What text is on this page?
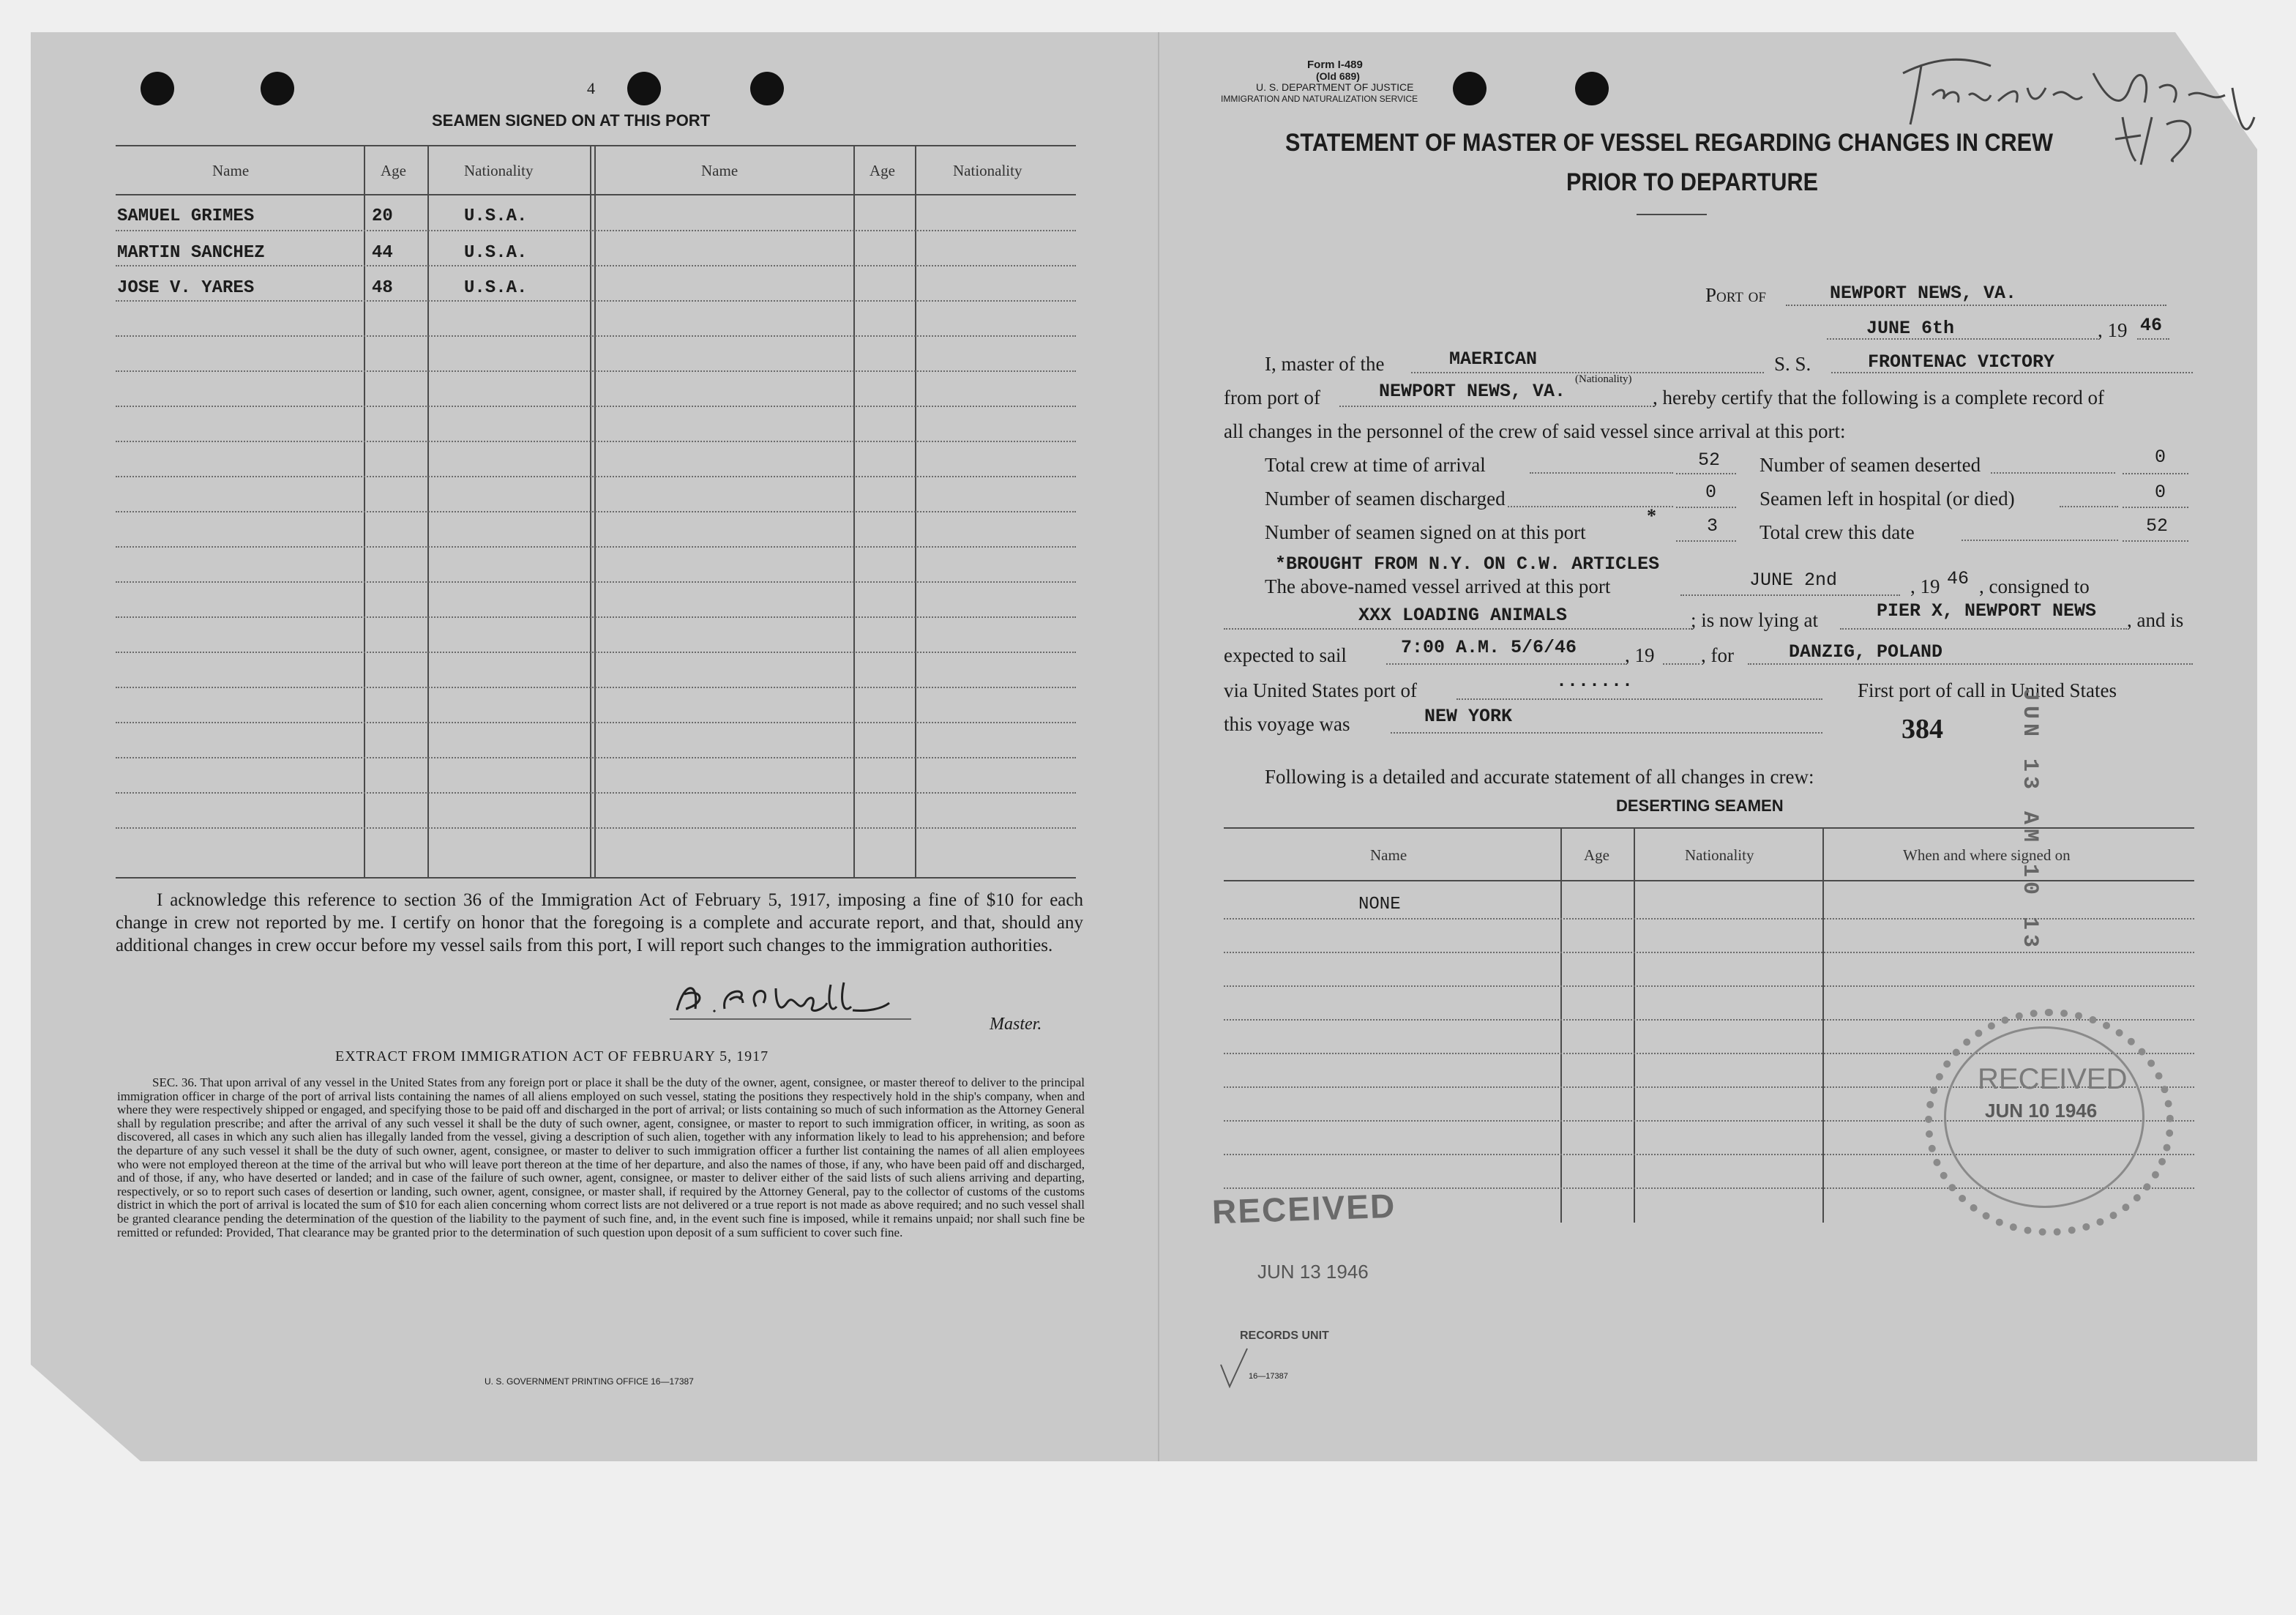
4
SEAMEN SIGNED ON AT THIS PORT
Name	Age	Nationality	Name	Age	Nationality
SAMUEL GRIMES	20	U.S.A.
MARTIN SANCHEZ	44	U.S.A.
JOSE V. YARES	48	U.S.A.
I acknowledge this reference to section 36 of the Immigration Act of February 5, 1917, imposing a fine of $10 for each change in crew not reported by me. I certify on honor that the foregoing is a complete and accurate report, and that, should any additional changes in crew occur before my vessel sails from this port, I will report such changes to the immigration authorities.
Master.
EXTRACT FROM IMMIGRATION ACT OF FEBRUARY 5, 1917
SEC. 36. That upon arrival of any vessel in the United States from any foreign port or place it shall be the duty of the owner, agent, consignee, or master thereof to deliver to the principal immigration officer in charge of the port of arrival lists containing the names of all aliens employed on such vessel, stating the positions they respectively hold in the ship's company, when and where they were respectively shipped or engaged, and specifying those to be paid off and discharged in the port of arrival; or lists containing so much of such information as the Attorney General shall by regulation prescribe; and after the arrival of any such vessel it shall be the duty of such owner, agent, consignee, or master to report to such immigration officer, in writing, as soon as discovered, all cases in which any such alien has illegally landed from the vessel, giving a description of such alien, together with any information likely to lead to his apprehension; and before the departure of any such vessel it shall be the duty of such owner, agent, consignee, or master to deliver to such immigration officer a further list containing the names of all alien employees who were not employed thereon at the time of the arrival but who will leave port thereon at the time of her departure, and also the names of those, if any, who have been paid off and discharged, and of those, if any, who have deserted or landed; and in case of the failure of such owner, agent, consignee, or master to deliver either of the said lists of such aliens arriving and departing, respectively, or so to report such cases of desertion or landing, such owner, agent, consignee, or master shall, if required by the Attorney General, pay to the collector of customs of the customs district in which the port of arrival is located the sum of $10 for each alien concerning whom correct lists are not delivered or a true report is not made as above required; and no such vessel shall be granted clearance pending the determination of the question of the liability to the payment of such fine, and, in the event such fine is imposed, while it remains unpaid; nor shall such fine be remitted or refunded: Provided, That clearance may be granted prior to the determination of such question upon deposit of a sum sufficient to cover such fine.
U. S. GOVERNMENT PRINTING OFFICE 16—17387
Form I-489
(Old 689)
U. S. DEPARTMENT OF JUSTICE
IMMIGRATION AND NATURALIZATION SERVICE
STATEMENT OF MASTER OF VESSEL REGARDING CHANGES IN CREW
PRIOR TO DEPARTURE
Port of	NEWPORT NEWS, VA.
JUNE 6th	, 19 46
I, master of the	MAERICAN	S. S.	FRONTENAC VICTORY
from port of	NEWPORT NEWS, VA.
(Nationality)
, hereby certify that the following is a complete record of
all changes in the personnel of the crew of said vessel since arrival at this port:
Total crew at time of arrival	52
Number of seamen discharged	0
Number of seamen signed on at this port
*	3
Number of seamen deserted	0
Seamen left in hospital (or died)	0
Total crew this date	52
*BROUGHT FROM N.Y. ON C.W. ARTICLES
The above-named vessel arrived at this port	JUNE 2nd	, 19 46 , consigned to
XXX LOADING ANIMALS	; is now lying at	PIER X, NEWPORT NEWS , and is
expected to sail	7:00 A.M. 5/6/46 , 19 , for	DANZIG, POLAND
via United States port of	.......	First port of call in United States
this voyage was	NEW YORK	384
Following is a detailed and accurate statement of all changes in crew:
DESERTING SEAMEN
Name	Age	Nationality	When and where signed on
NONE	JUN 13 AM 10 13
RECEIVED
JUN 10 1946
RECEIVED
JUN 13 1946
RECORDS UNIT
16—17387
